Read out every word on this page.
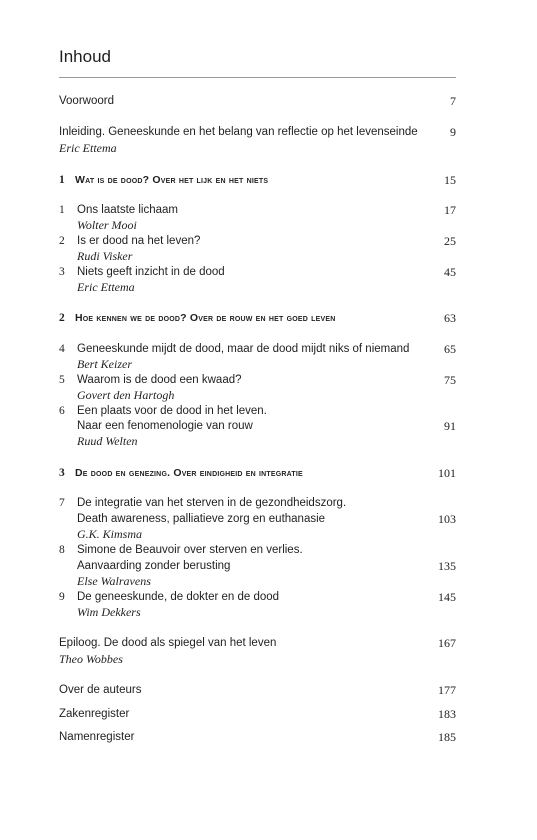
Inhoud
Voorwoord	7
Inleiding. Geneeskunde en het belang van reflectie op het levenseinde	9
Eric Ettema
1 Wat is de dood? Over het lijk en het niets	15
1 Ons laatste lichaam	17
Wolter Mooi
2 Is er dood na het leven?	25
Rudi Visker
3 Niets geeft inzicht in de dood	45
Eric Ettema
2 Hoe kennen we de dood? Over de rouw en het goed leven	63
4 Geneeskunde mijdt de dood, maar de dood mijdt niks of niemand	65
Bert Keizer
5 Waarom is de dood een kwaad?	75
Govert den Hartogh
6 Een plaats voor de dood in het leven.
Naar een fenomenologie van rouw	91
Ruud Welten
3 De dood en genezing. Over eindigheid en integratie	101
7 De integratie van het sterven in de gezondheidszorg.
Death awareness, palliatieve zorg en euthanasie	103
G.K. Kimsma
8 Simone de Beauvoir over sterven en verlies.
Aanvaarding zonder berusting	135
Else Walravens
9 De geneeskunde, de dokter en de dood	145
Wim Dekkers
Epiloog. De dood als spiegel van het leven	167
Theo Wobbes
Over de auteurs	177
Zakenregister	183
Namenregister	185
